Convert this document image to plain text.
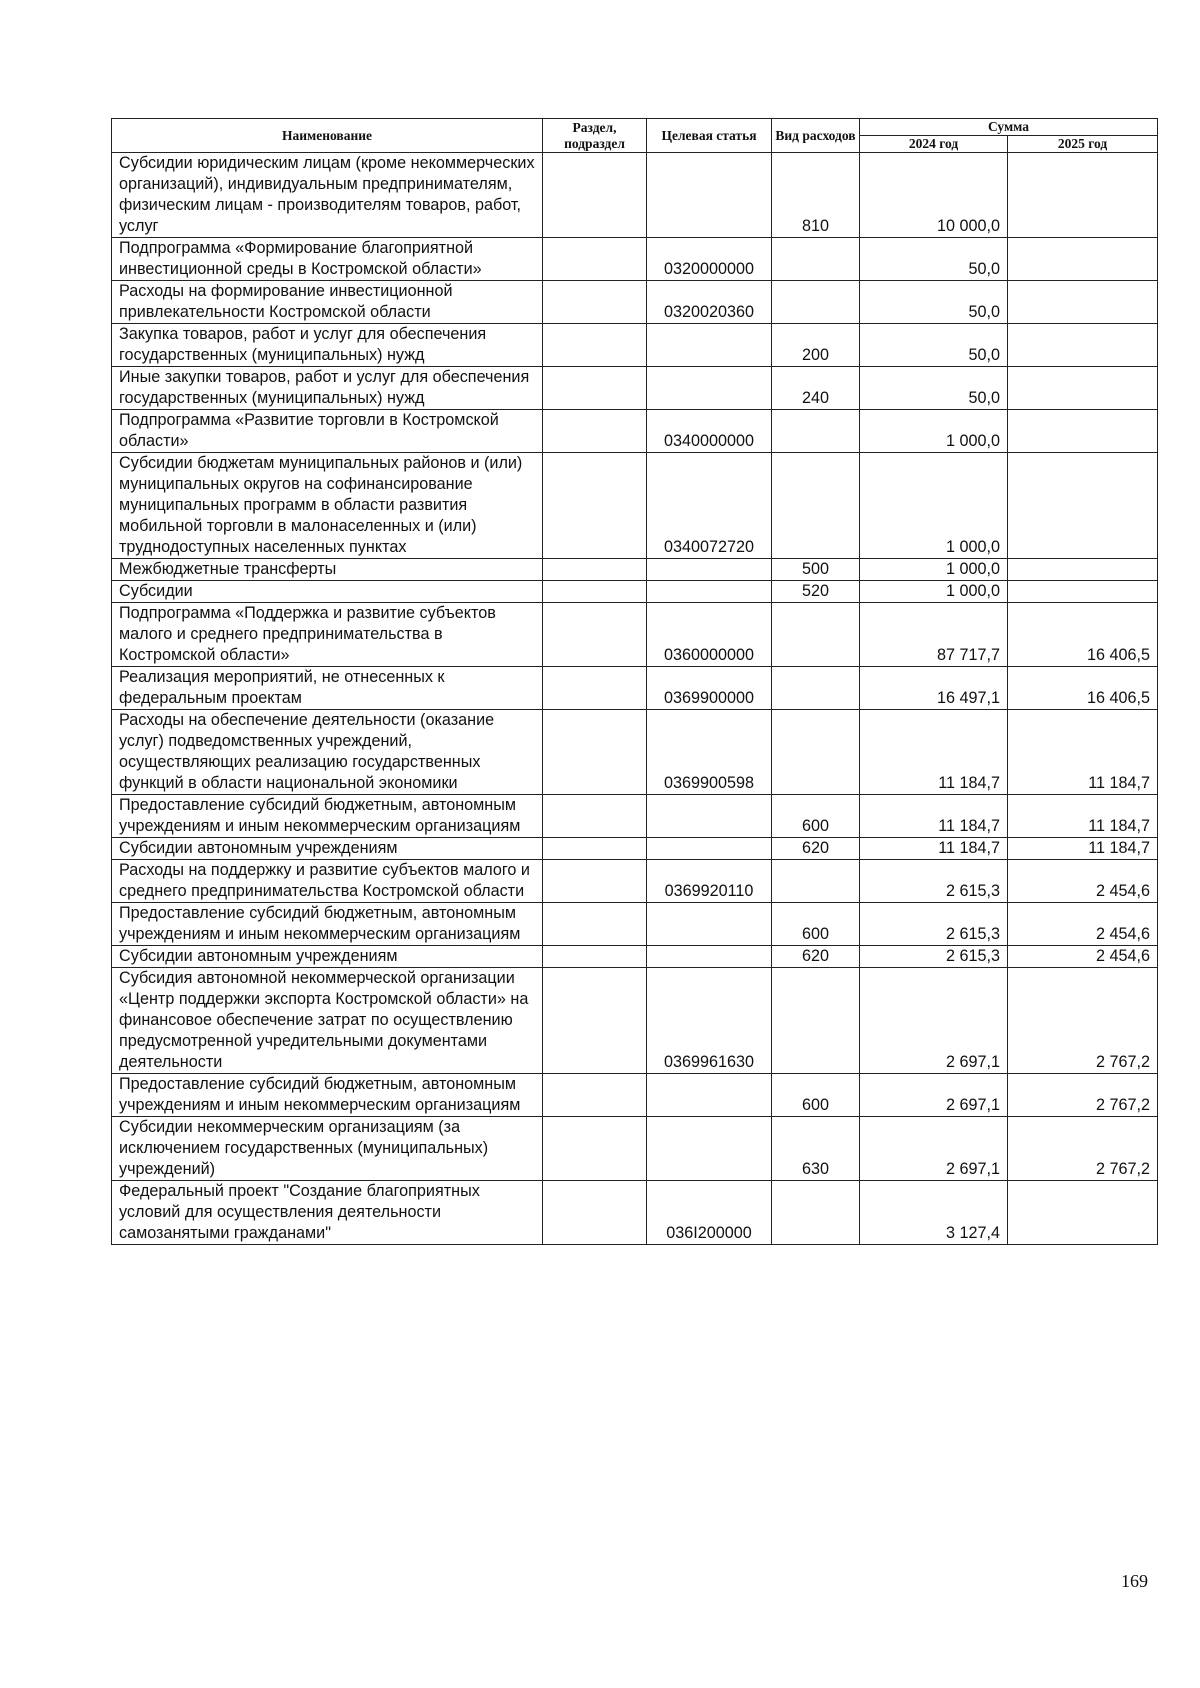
Наименование	Раздел, подраздел	Целевая статья	Вид расходов	Сумма	
				2024 год	2025 год
Субсидии юридическим лицам (кроме некоммерческих организаций), индивидуальным предпринимателям, физическим лицам - производителям товаров, работ, услуг			810	10 000,0	
Подпрограмма «Формирование благоприятной инвестиционной среды в Костромской области»		0320000000		50,0	
Расходы на формирование инвестиционной привлекательности Костромской области		0320020360		50,0	
Закупка товаров, работ и услуг для обеспечения государственных (муниципальных) нужд			200	50,0	
Иные закупки товаров, работ и услуг для обеспечения государственных (муниципальных) нужд			240	50,0	
Подпрограмма «Развитие торговли в Костромской области»		0340000000		1 000,0	
Субсидии бюджетам муниципальных районов и (или) муниципальных округов на софинансирование муниципальных программ в области развития мобильной торговли в малонаселенных и (или) труднодоступных населенных пунктах		0340072720		1 000,0	
Межбюджетные трансферты			500	1 000,0	
Субсидии			520	1 000,0	
Подпрограмма «Поддержка и развитие субъектов малого и среднего предпринимательства в Костромской области»		0360000000		87 717,7	16 406,5
Реализация мероприятий, не отнесенных к федеральным проектам		0369900000		16 497,1	16 406,5
Расходы на обеспечение деятельности (оказание услуг) подведомственных учреждений, осуществляющих реализацию государственных функций в области национальной экономики		0369900598		11 184,7	11 184,7
Предоставление субсидий бюджетным, автономным учреждениям и иным некоммерческим организациям			600	11 184,7	11 184,7
Субсидии автономным учреждениям			620	11 184,7	11 184,7
Расходы на поддержку и развитие субъектов малого и среднего предпринимательства Костромской области		0369920110		2 615,3	2 454,6
Предоставление субсидий бюджетным, автономным учреждениям и иным некоммерческим организациям			600	2 615,3	2 454,6
Субсидии автономным учреждениям			620	2 615,3	2 454,6
Субсидия автономной некоммерческой организации «Центр поддержки экспорта Костромской области» на финансовое обеспечение затрат по осуществлению предусмотренной учредительными документами деятельности		0369961630		2 697,1	2 767,2
Предоставление субсидий бюджетным, автономным учреждениям и иным некоммерческим организациям			600	2 697,1	2 767,2
Субсидии некоммерческим организациям (за исключением государственных (муниципальных) учреждений)			630	2 697,1	2 767,2
Федеральный проект "Создание благоприятных условий для осуществления деятельности самозанятыми гражданами"		036I200000		3 127,4	
169
